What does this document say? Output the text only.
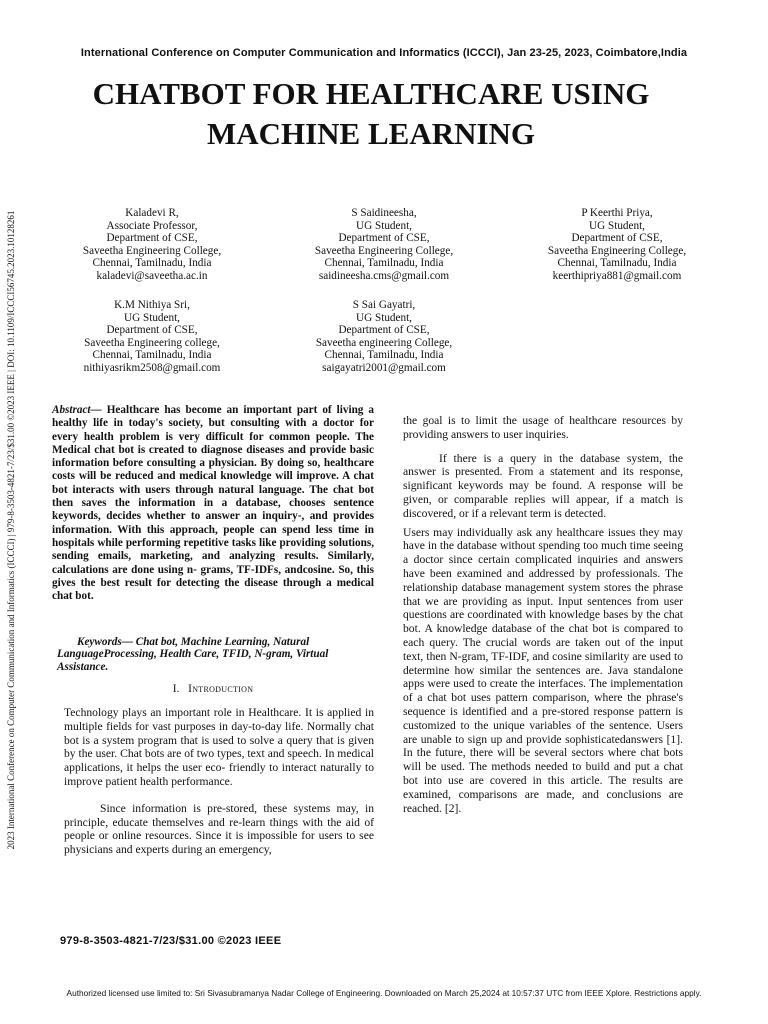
International Conference on Computer Communication and Informatics (ICCCI), Jan 23-25, 2023, Coimbatore,India
CHATBOT FOR HEALTHCARE USING
MACHINE LEARNING
2023 International Conference on Computer Communication and Informatics (ICCCI) | 979-8-3503-4821-7/23/$31.00 ©2023 IEEE | DOI: 10.1109/ICCCI56745.2023.10128261	Kaladevi R,
Associate Professor,
Department of CSE,
Saveetha Engineering College,
Chennai, Tamilnadu, India
kaladevi@saveetha.ac.in
S Saidineesha,
UG Student,
Department of CSE,
Saveetha Engineering College,
Chennai, Tamilnadu, India
saidineesha.cms@gmail.com
P Keerthi Priya,
UG Student,
Department of CSE,
Saveetha Engineering College,
Chennai, Tamilnadu, India
keerthipriya881@gmail.com
K.M Nithiya Sri,
UG Student,
Department of CSE,
Saveetha Engineering college,
Chennai, Tamilnadu, India
nithiyasrikm2508@gmail.com
S Sai Gayatri,
UG Student,
Department of CSE,
Saveetha engineering College,
Chennai, Tamilnadu, India
saigayatri2001@gmail.com
Abstract— Healthcare has become an important part of living a healthy life in today's society, but consulting with a doctor for every health problem is very difficult for common people. The Medical chat bot is created to diagnose diseases and provide basic information before consulting a physician. By doing so, healthcare costs will be reduced and medical knowledge will improve. A chat bot interacts with users through natural language. The chat bot then saves the information in a database, chooses sentence keywords, decides whether to answer an inquiry-, and provides information. With this approach, people can spend less time in hospitals while performing repetitive tasks like providing solutions, sending emails, marketing, and analyzing results. Similarly, calculations are done using n- grams, TF-IDFs, andcosine. So, this gives the best result for detecting the disease through a medical chat bot.
Keywords— Chat bot, Machine Learning, Natural LanguageProcessing, Health Care, TFID, N-gram, Virtual Assistance.
I. Introduction

Technology plays an important role in Healthcare. It is applied in multiple fields for vast purposes in day-to-day life. Normally chat bot is a system program that is used to solve a query that is given by the user. Chat bots are of two types, text and speech. In medical applications, it helps the user eco- friendly to interact naturally to improve patient health performance.

Since information is pre-stored, these systems may, in principle, educate themselves and re-learn things with the aid of people or online resources. Since it is impossible for users to see physicians and experts during an emergency,

the goal is to limit the usage of healthcare resources by providing answers to user inquiries.

If there is a query in the database system, the answer is presented. From a statement and its response, significant keywords may be found. A response will be given, or comparable replies will appear, if a match is discovered, or if a relevant term is detected.

Users may individually ask any healthcare issues they may have in the database without spending too much time seeing a doctor since certain complicated inquiries and answers have been examined and addressed by professionals. The relationship database management system stores the phrase that we are providing as input. Input sentences from user questions are coordinated with knowledge bases by the chat bot. A knowledge database of the chat bot is compared to each query. The crucial words are taken out of the input text, then N-gram, TF-IDF, and cosine similarity are used to determine how similar the sentences are. Java standalone apps were used to create the interfaces. The implementation of a chat bot uses pattern comparison, where the phrase's sequence is identified and a pre-stored response pattern is customized to the unique variables of the sentence. Users are unable to sign up and provide sophisticatedanswers [1]. In the future, there will be several sectors where chat bots will be used. The methods needed to build and put a chat bot into use are covered in this article. The results are examined, comparisons are made, and conclusions are reached. [2].

979-8-3503-4821-7/23/$31.00 ©2023 IEEE
Authorized licensed use limited to: Sri Sivasubramanya Nadar College of Engineering. Downloaded on March 25,2024 at 10:57:37 UTC from IEEE Xplore. Restrictions apply.
